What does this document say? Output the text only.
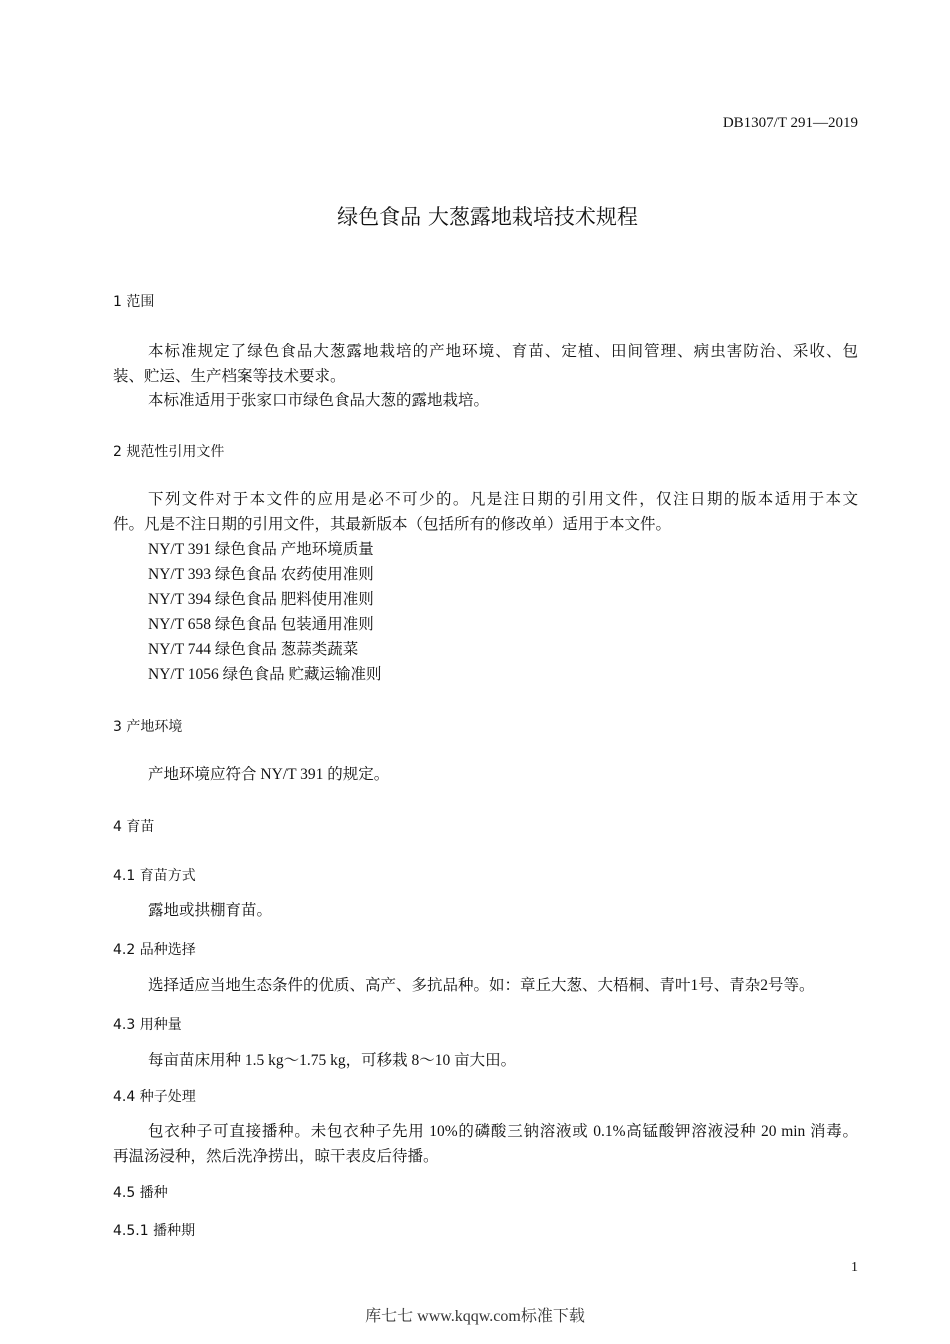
DB1307/T 291—2019
绿色食品 大葱露地栽培技术规程
1 范围
本标准规定了绿色食品大葱露地栽培的产地环境、育苗、定植、田间管理、病虫害防治、采收、包
装、贮运、生产档案等技术要求。
本标准适用于张家口市绿色食品大葱的露地栽培。
2 规范性引用文件
下列文件对于本文件的应用是必不可少的。凡是注日期的引用文件，仅注日期的版本适用于本文
件。凡是不注日期的引用文件，其最新版本（包括所有的修改单）适用于本文件。
NY/T 391 绿色食品 产地环境质量
NY/T 393 绿色食品 农药使用准则
NY/T 394 绿色食品 肥料使用准则
NY/T 658 绿色食品 包装通用准则
NY/T 744 绿色食品 葱蒜类蔬菜
NY/T 1056 绿色食品 贮藏运输准则
3 产地环境
产地环境应符合 NY/T 391 的规定。
4 育苗
4.1 育苗方式
露地或拱棚育苗。
4.2 品种选择
选择适应当地生态条件的优质、高产、多抗品种。如：章丘大葱、大梧桐、青叶1号、青杂2号等。
4.3 用种量
每亩苗床用种 1.5 kg～1.75 kg，可移栽 8～10 亩大田。
4.4 种子处理
包衣种子可直接播种。未包衣种子先用 10%的磷酸三钠溶液或 0.1%高锰酸钾溶液浸种 20 min 消毒。
再温汤浸种，然后洗净捞出，晾干表皮后待播。
4.5 播种
4.5.1 播种期
1
库七七 www.kqqw.com标准下载
